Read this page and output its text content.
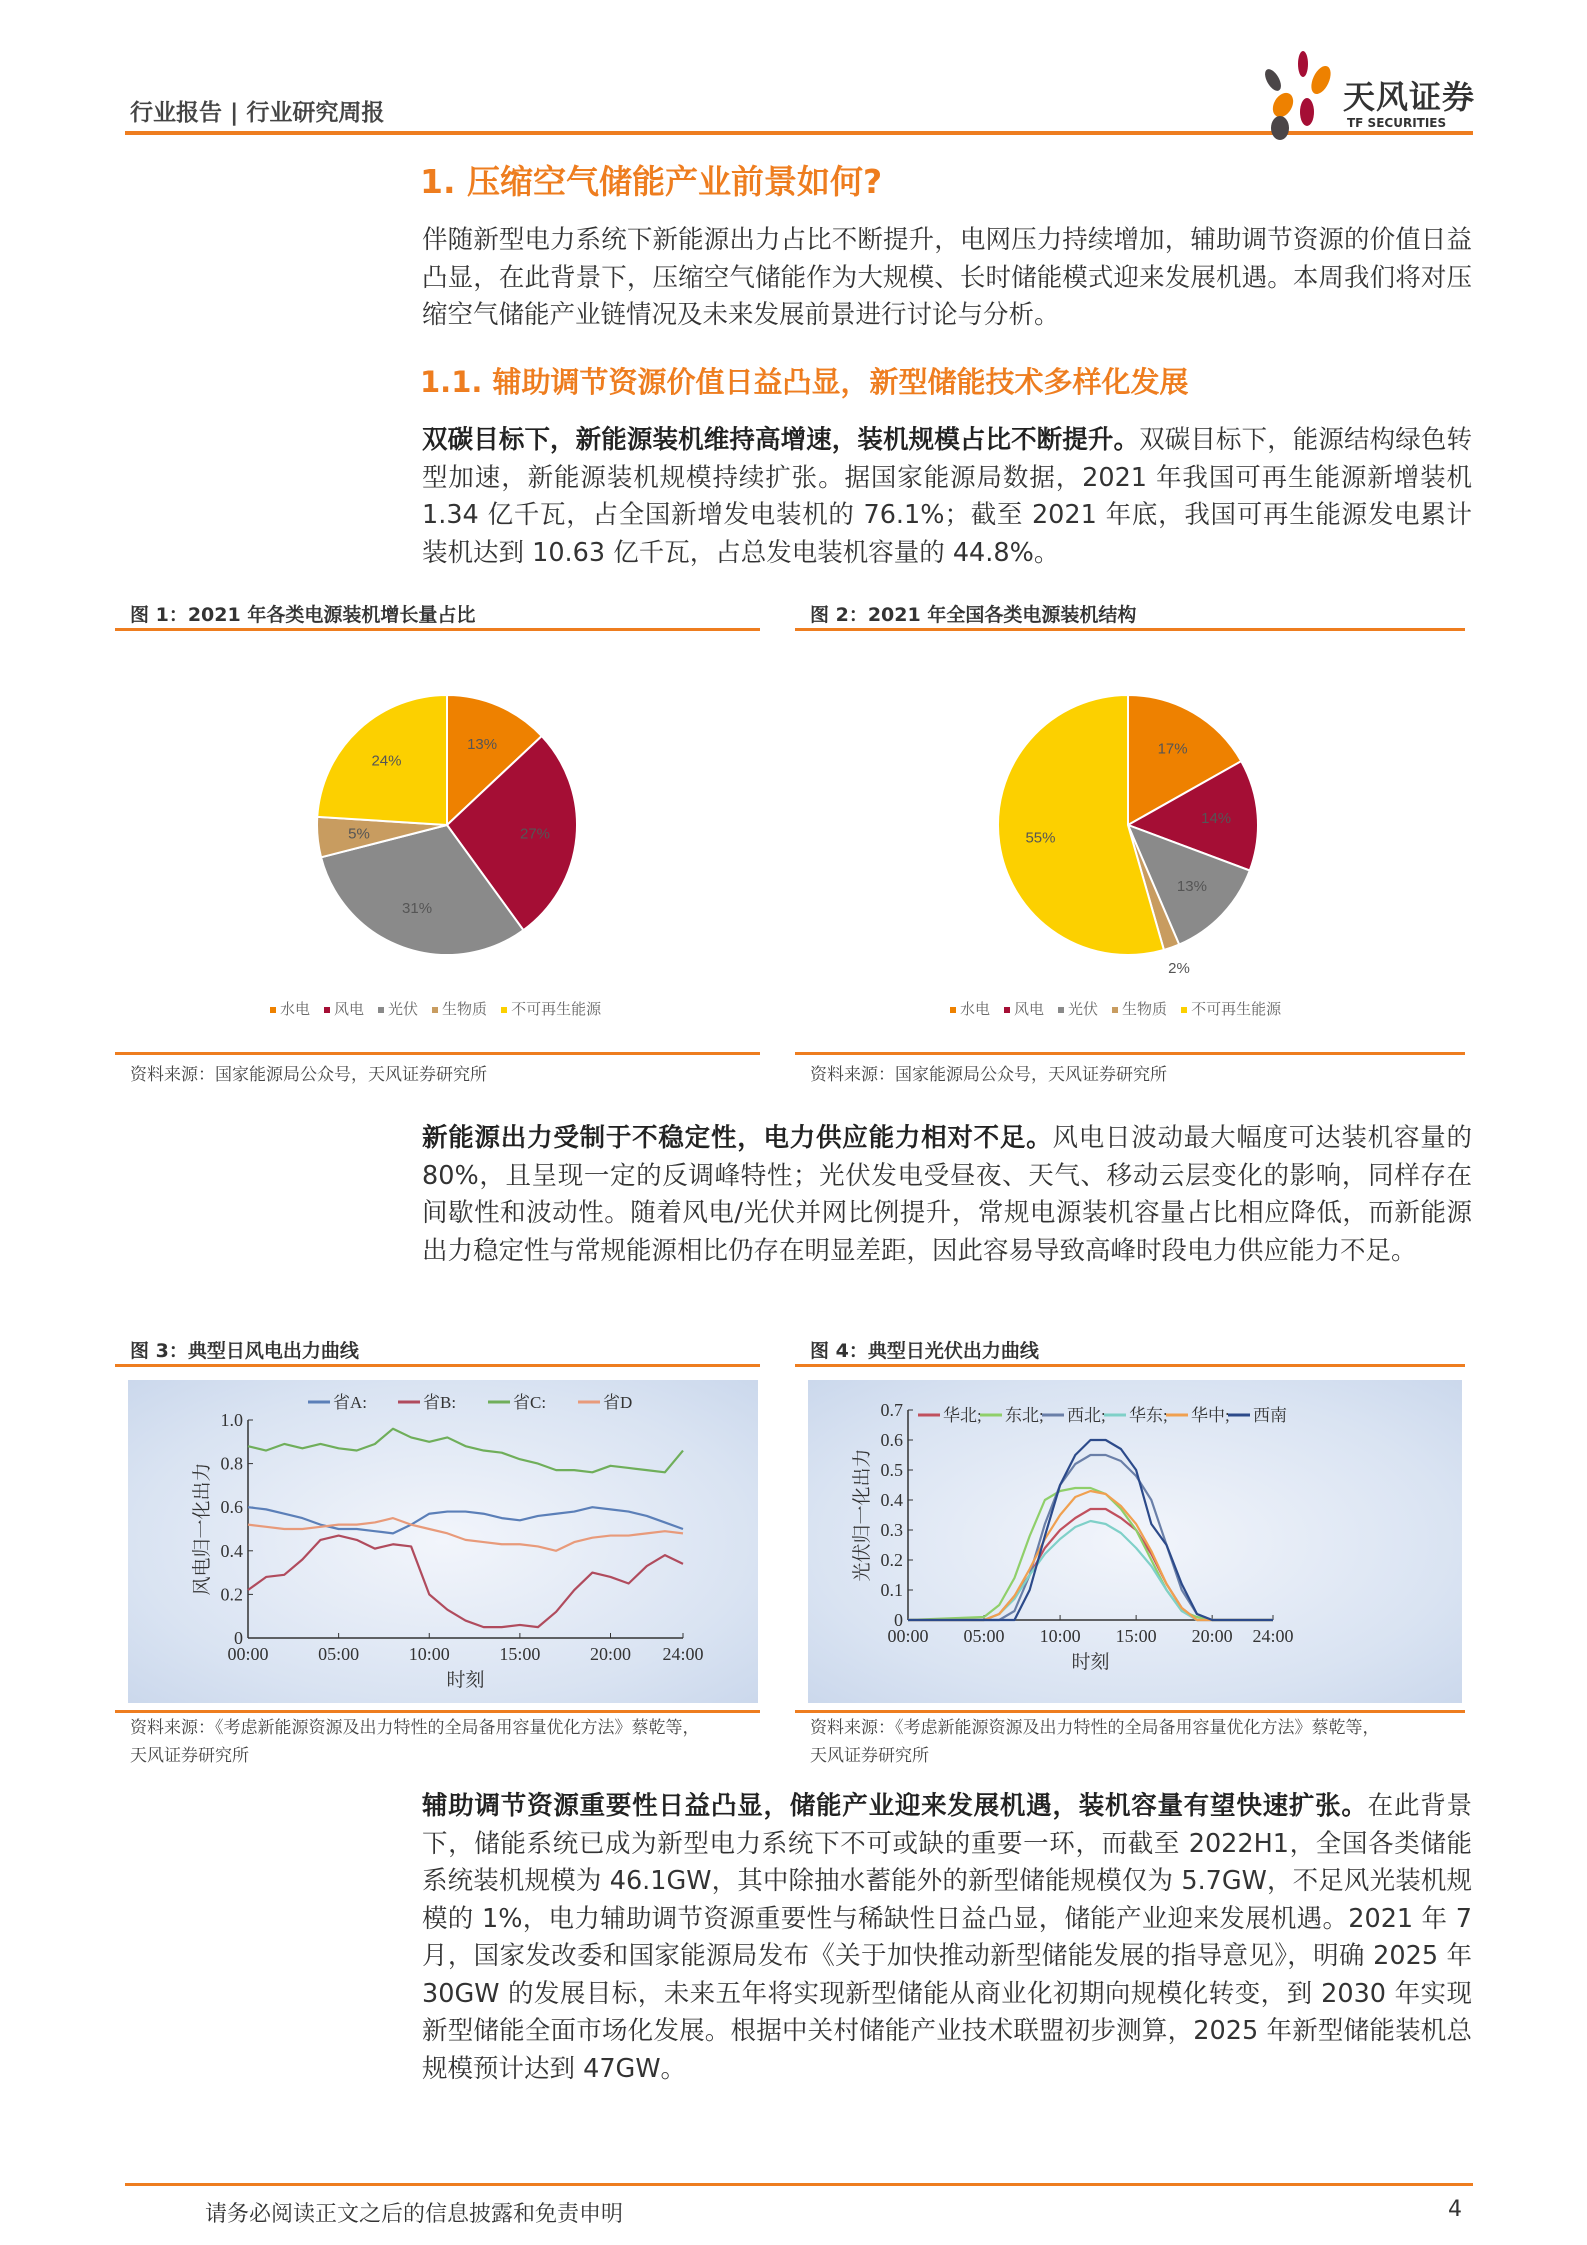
行业报告 | 行业研究周报	天风证券
TF SECURITIES
1. 压缩空气储能产业前景如何?
伴随新型电力系统下新能源出力占比不断提升，电网压力持续增加，辅助调节资源的价值日益凸显，在此背景下，压缩空气储能作为大规模、长时储能模式迎来发展机遇。本周我们将对压缩空气储能产业链情况及未来发展前景进行讨论与分析。
1.1. 辅助调节资源价值日益凸显，新型储能技术多样化发展
双碳目标下，新能源装机维持高增速，装机规模占比不断提升。双碳目标下，能源结构绿色转型加速，新能源装机规模持续扩张。据国家能源局数据，2021 年我国可再生能源新增装机 1.34 亿千瓦，占全国新增发电装机的 76.1%；截至 2021 年底，我国可再生能源发电累计装机达到 10.63 亿千瓦，占总发电装机容量的 44.8%。
图 1：2021 年各类电源装机增长量占比	图 2：2021 年全国各类电源装机结构
13%
27%
31%
5%
24%
17%
14%
13%
2%
55%
水电	风电	光伏	生物质	不可再生能源	水电	风电	光伏	生物质	不可再生能源
资料来源：国家能源局公众号，天风证券研究所	资料来源：国家能源局公众号，天风证券研究所
新能源出力受制于不稳定性，电力供应能力相对不足。风电日波动最大幅度可达装机容量的 80%，且呈现一定的反调峰特性；光伏发电受昼夜、天气、移动云层变化的影响，同样存在间歇性和波动性。随着风电/光伏并网比例提升，常规电源装机容量占比相应降低，而新能源出力稳定性与常规能源相比仍存在明显差距，因此容易导致高峰时段电力供应能力不足。
图 3：典型日风电出力曲线	图 4：典型日光伏出力曲线
0
0.2
0.4
0.6
0.8
1.0
00:00	05:00	10:00	15:00	20:00 24:00
时刻
风电归一化出力
省A:	省B:	省C:	省D
0
0.1
0.2
0.3
0.4
0.5
0.6
0.7
00:00 05:00 10:00 15:00 20:00 24:00
时刻
光伏归一化出力
华北; 东北; 西北; 华东; 华中; 西南
资料来源：《考虑新能源资源及出力特性的全局备用容量优化方法》蔡乾等，
天风证券研究所
资料来源：《考虑新能源资源及出力特性的全局备用容量优化方法》蔡乾等，
天风证券研究所
辅助调节资源重要性日益凸显，储能产业迎来发展机遇，装机容量有望快速扩张。在此背景下，储能系统已成为新型电力系统下不可或缺的重要一环，而截至 2022H1，全国各类储能系统装机规模为 46.1GW，其中除抽水蓄能外的新型储能规模仅为 5.7GW，不足风光装机规模的 1%，电力辅助调节资源重要性与稀缺性日益凸显，储能产业迎来发展机遇。2021 年 7 月，国家发改委和国家能源局发布《关于加快推动新型储能发展的指导意见》，明确 2025 年 30GW 的发展目标，未来五年将实现新型储能从商业化初期向规模化转变，到 2030 年实现新型储能全面市场化发展。根据中关村储能产业技术联盟初步测算，2025 年新型储能装机总规模预计达到 47GW。
请务必阅读正文之后的信息披露和免责申明	4
